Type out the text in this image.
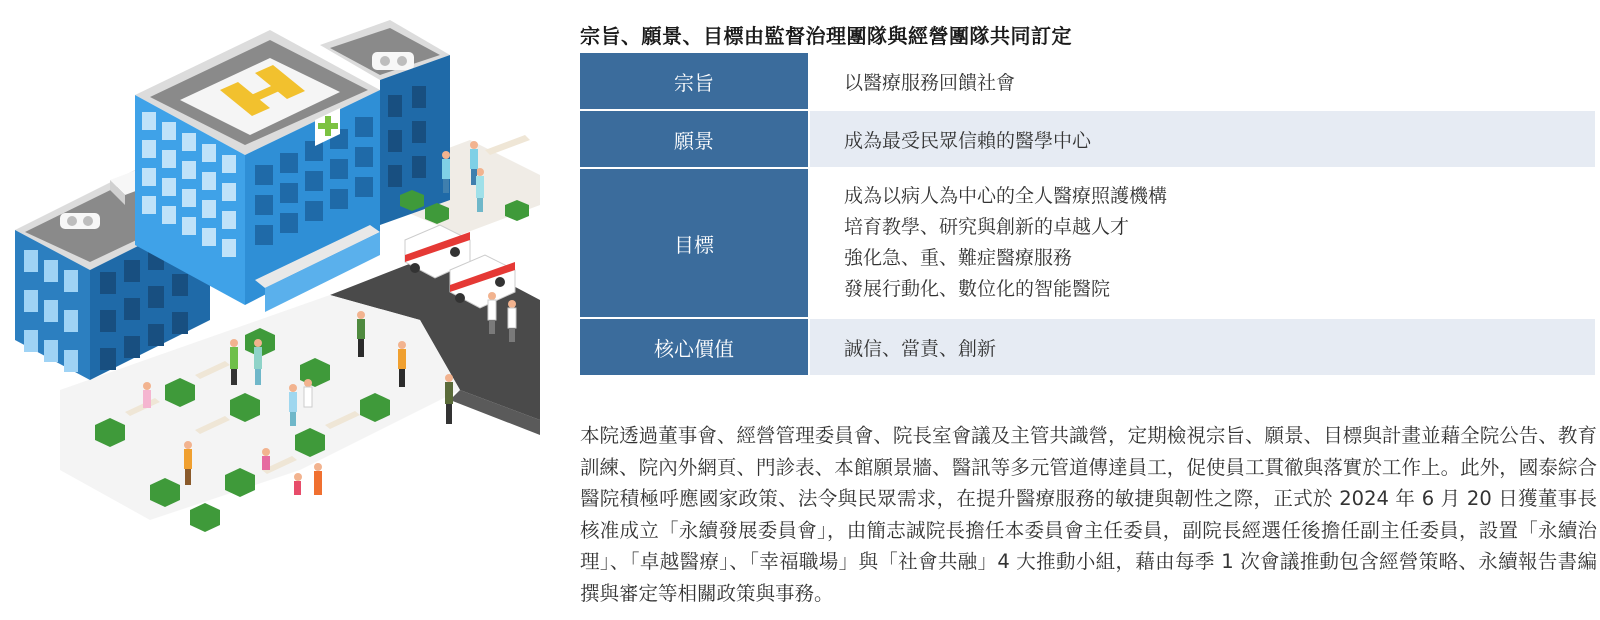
宗旨、願景、目標由監督治理團隊與經營團隊共同訂定
宗旨	以醫療服務回饋社會
願景	成為最受民眾信賴的醫學中心
目標	成為以病人為中心的全人醫療照護機構
培育教學、研究與創新的卓越人才
強化急、重、難症醫療服務
發展行動化、數位化的智能醫院

核心價值	誠信、當責、創新
本院透過董事會、經營管理委員會、院長室會議及主管共識營，定期檢視宗旨、願景、目標與計畫並藉全院公告、教育訓練、院內外網頁、門診表、本館願景牆、醫訊等多元管道傳達員工，促使員工貫徹與落實於工作上。此外，國泰綜合醫院積極呼應國家政策、法令與民眾需求，在提升醫療服務的敏捷與韌性之際，正式於 2024 年 6 月 20 日獲董事長核准成立「永續發展委員會」，由簡志誠院長擔任本委員會主任委員，副院長經選任後擔任副主任委員，設置「永續治理」、「卓越醫療」、「幸福職場」與「社會共融」4 大推動小組，藉由每季 1 次會議推動包含經營策略、永續報告書編撰與審定等相關政策與事務。
